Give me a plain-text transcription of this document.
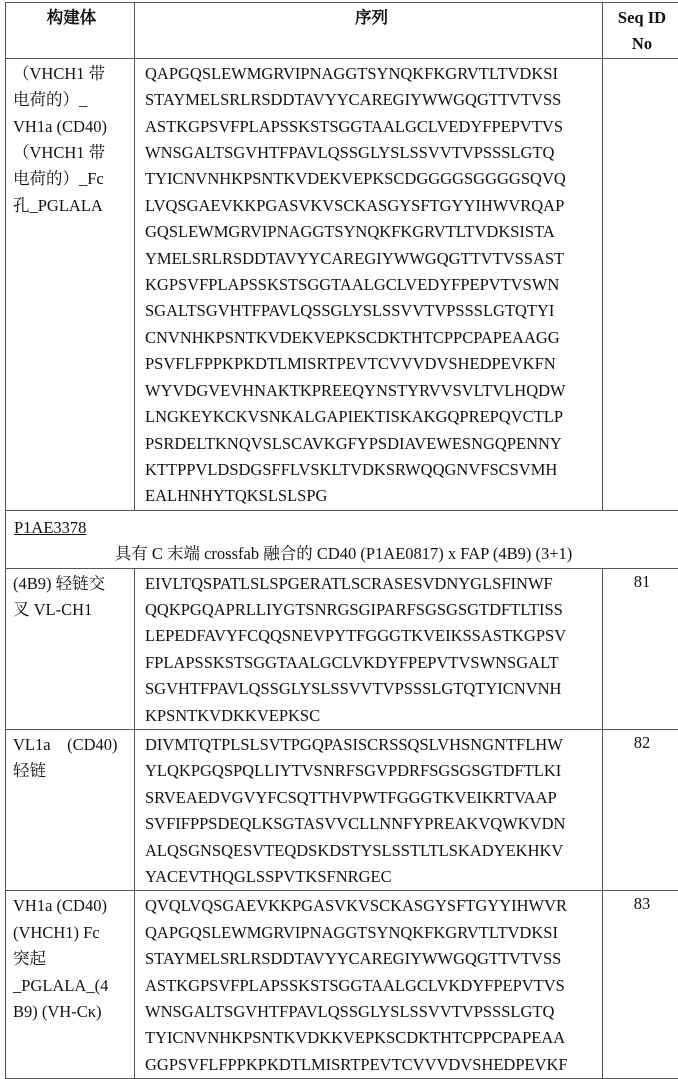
构建体	序列	Seq ID
No

（VHCH1 带
电荷的）_
VH1a (CD40)
（VHCH1 带
电荷的）_Fc
孔_PGLALA

QAPGQSLEWMGRVIPNAGGTSYNQKFKGRVTLTVDKSI
STAYMELSRLRSDDTAVYYCAREGIYWWGQGTTVTVSS
ASTKGPSVFPLAPSSKSTSGGTAALGCLVEDYFPEPVTVS
WNSGALTSGVHTFPAVLQSSGLYSLSSVVTVPSSSLGTQ
TYICNVNHKPSNTKVDEKVEPKSCDGGGGSGGGGSQVQ
LVQSGAEVKKPGASVKVSCKASGYSFTGYYIHWVRQAP
GQSLEWMGRVIPNAGGTSYNQKFKGRVTLTVDKSISTA
YMELSRLRSDDTAVYYCAREGIYWWGQGTTVTVSSAST
KGPSVFPLAPSSKSTSGGTAALGCLVEDYFPEPVTVSWN
SGALTSGVHTFPAVLQSSGLYSLSSVVTVPSSSLGTQTYI
CNVNHKPSNTKVDEKVEPKSCDKTHTCPPCPAPEAAGG
PSVFLFPPKPKDTLMISRTPEVTCVVVDVSHEDPEVKFN
WYVDGVEVHNAKTKPREEQYNSTYRVVSVLTVLHQDW
LNGKEYKCKVSNKALGAPIEKTISKAKGQPREPQVCTLP
PSRDELTKNQVSLSCAVKGFYPSDIAVEWESNGQPENNY
KTTPPVLDSDGSFFLVSKLTVDKSRWQQGNVFSCSVMH
EALHNHYTQKSLSLSPG

P1AE3378
具有 C 末端 crossfab 融合的 CD40 (P1AE0817) x FAP (4B9) (3+1)

(4B9) 轻链交
叉 VL-CH1

EIVLTQSPATLSLSPGERATLSCRASESVDNYGLSFINWF
QQKPGQAPRLLIYGTSNRGSGIPARFSGSGSGTDFTLTISS
LEPEDFAVYFCQQSNEVPYTFGGGTKVEIKSSASTKGPSV
FPLAPSSKSTSGGTAALGCLVKDYFPEPVTVSWNSGALT
SGVHTFPAVLQSSGLYSLSSVVTVPSSSLGTQTYICNVNH
KPSNTKVDKKVEPKSC
	81

VL1a　(CD40)
轻链

DIVMTQTPLSLSVTPGQPASISCRSSQSLVHSNGNTFLHW
YLQKPGQSPQLLIYTVSNRFSGVPDRFSGSGSGTDFTLKI
SRVEAEDVGVYFCSQTTHVPWTFGGGTKVEIKRTVAAP
SVFIFPPSDEQLKSGTASVVCLLNNFYPREAKVQWKVDN
ALQSGNSQESVTEQDSKDSTYSLSSTLTLSKADYEKHKV
YACEVTHQGLSSPVTKSFNRGEC
	82

VH1a (CD40)
(VHCH1) Fc
突起
_PGLALA_(4
B9) (VH-Cκ)

QVQLVQSGAEVKKPGASVKVSCKASGYSFTGYYIHWVR
QAPGQSLEWMGRVIPNAGGTSYNQKFKGRVTLTVDKSI
STAYMELSRLRSDDTAVYYCAREGIYWWGQGTTVTVSS
ASTKGPSVFPLAPSSKSTSGGTAALGCLVKDYFPEPVTVS
WNSGALTSGVHTFPAVLQSSGLYSLSSVVTVPSSSLGTQ
TYICNVNHKPSNTKVDKKVEPKSCDKTHTCPPCPAPEAA
GGPSVFLFPPKPKDTLMISRTPEVTCVVVDVSHEDPEVKF
	83
